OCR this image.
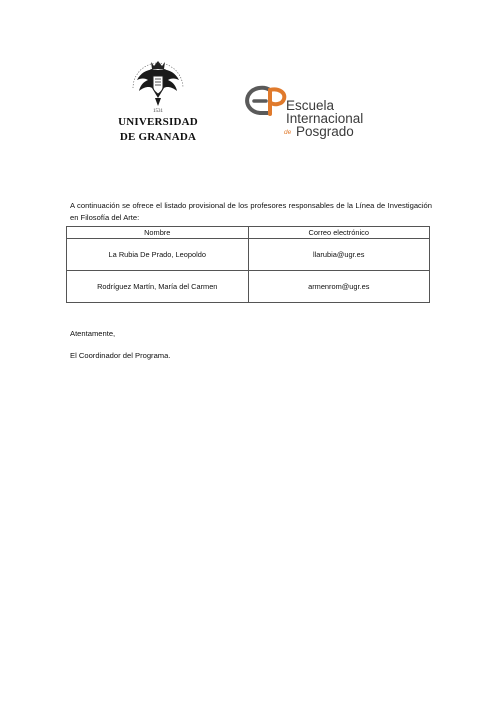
1531
UNIVERSIDAD
DE GRANADA
Escuela
Internacional
de Posgrado

A continuación se ofrece el listado provisional de los profesores responsables de la Línea de Investigación en Filosofía del Arte:

Nombre	Correo electrónico
La Rubia De Prado, Leopoldo	llarubia@ugr.es
Rodríguez Martín, María del Carmen	armenrom@ugr.es
Atentamente,
El Coordinador del Programa.
